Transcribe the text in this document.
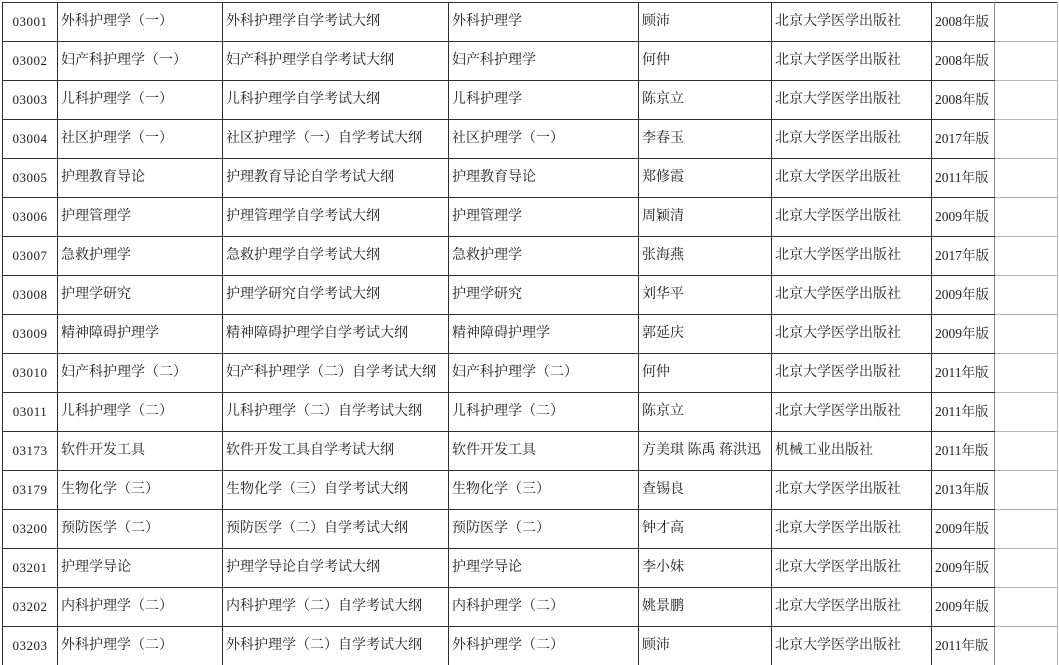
03001	外科护理学（一）	外科护理学自学考试大纲	外科护理学	顾沛	北京大学医学出版社	2008年版	
03002	妇产科护理学（一）	妇产科护理学自学考试大纲	妇产科护理学	何仲	北京大学医学出版社	2008年版	
03003	儿科护理学（一）	儿科护理学自学考试大纲	儿科护理学	陈京立	北京大学医学出版社	2008年版	
03004	社区护理学（一）	社区护理学（一）自学考试大纲	社区护理学（一）	李春玉	北京大学医学出版社	2017年版	
03005	护理教育导论	护理教育导论自学考试大纲	护理教育导论	郑修霞	北京大学医学出版社	2011年版	
03006	护理管理学	护理管理学自学考试大纲	护理管理学	周颖清	北京大学医学出版社	2009年版	
03007	急救护理学	急救护理学自学考试大纲	急救护理学	张海燕	北京大学医学出版社	2017年版	
03008	护理学研究	护理学研究自学考试大纲	护理学研究	刘华平	北京大学医学出版社	2009年版	
03009	精神障碍护理学	精神障碍护理学自学考试大纲	精神障碍护理学	郭延庆	北京大学医学出版社	2009年版	
03010	妇产科护理学（二）	妇产科护理学（二）自学考试大纲	妇产科护理学（二）	何仲	北京大学医学出版社	2011年版	
03011	儿科护理学（二）	儿科护理学（二）自学考试大纲	儿科护理学（二）	陈京立	北京大学医学出版社	2011年版	
03173	软件开发工具	软件开发工具自学考试大纲	软件开发工具	方美琪 陈禹 蒋洪迅	机械工业出版社	2011年版	
03179	生物化学（三）	生物化学（三）自学考试大纲	生物化学（三）	查锡良	北京大学医学出版社	2013年版	
03200	预防医学（二）	预防医学（二）自学考试大纲	预防医学（二）	钟才高	北京大学医学出版社	2009年版	
03201	护理学导论	护理学导论自学考试大纲	护理学导论	李小妹	北京大学医学出版社	2009年版	
03202	内科护理学（二）	内科护理学（二）自学考试大纲	内科护理学（二）	姚景鹏	北京大学医学出版社	2009年版	
03203	外科护理学（二）	外科护理学（二）自学考试大纲	外科护理学（二）	顾沛	北京大学医学出版社	2011年版	
